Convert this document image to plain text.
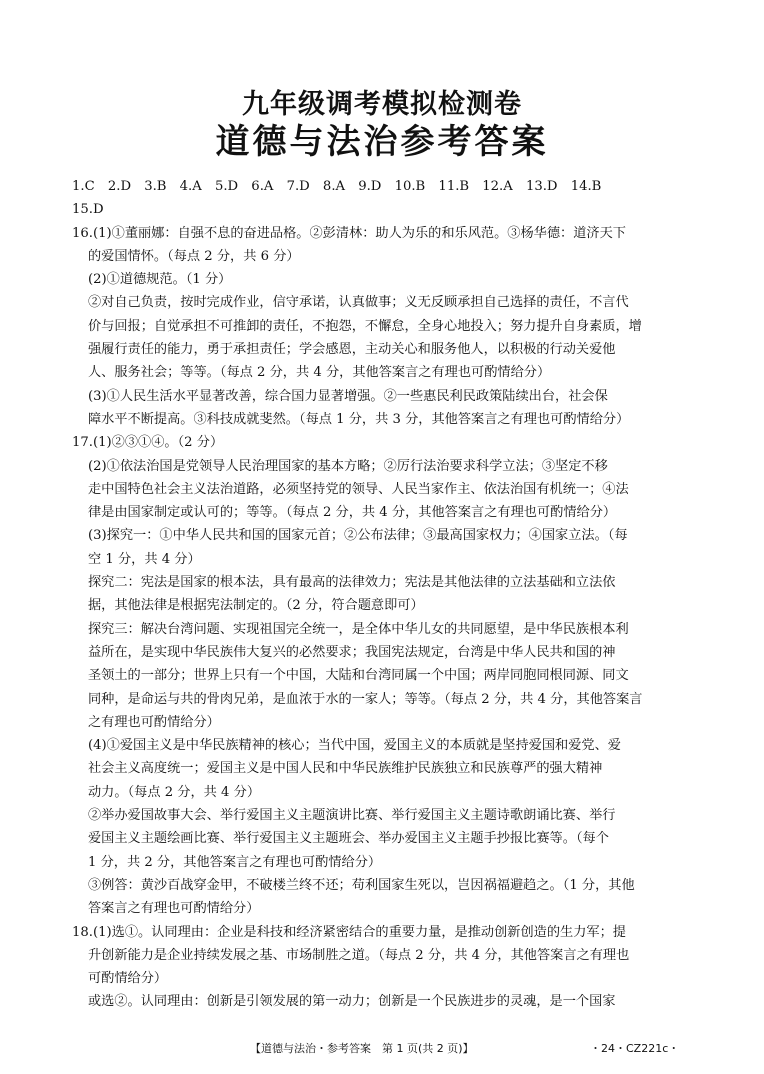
九年级调考模拟检测卷
道德与法治参考答案
1.C　2.D　3.B　4.A　5.D　6.A　7.D　8.A　9.D　10.B　11.B　12.A　13.D　14.B
15.D
16.(1)①董丽娜：自强不息的奋进品格。②彭清林：助人为乐的和乐风范。③杨华德：道济天下
的爱国情怀。（每点 2 分，共 6 分）
(2)①道德规范。（1 分）
②对自己负责，按时完成作业，信守承诺，认真做事；义无反顾承担自己选择的责任，不言代
价与回报；自觉承担不可推卸的责任，不抱怨，不懈怠，全身心地投入；努力提升自身素质，增
强履行责任的能力，勇于承担责任；学会感恩，主动关心和服务他人，以积极的行动关爱他
人、服务社会；等等。（每点 2 分，共 4 分，其他答案言之有理也可酌情给分）
(3)①人民生活水平显著改善，综合国力显著增强。②一些惠民利民政策陆续出台，社会保
障水平不断提高。③科技成就斐然。（每点 1 分，共 3 分，其他答案言之有理也可酌情给分）
17.(1)②③①④。（2 分）
(2)①依法治国是党领导人民治理国家的基本方略；②厉行法治要求科学立法；③坚定不移
走中国特色社会主义法治道路，必须坚持党的领导、人民当家作主、依法治国有机统一；④法
律是由国家制定或认可的；等等。（每点 2 分，共 4 分，其他答案言之有理也可酌情给分）
(3)探究一：①中华人民共和国的国家元首；②公布法律；③最高国家权力；④国家立法。（每
空 1 分，共 4 分）
探究二：宪法是国家的根本法，具有最高的法律效力；宪法是其他法律的立法基础和立法依
据，其他法律是根据宪法制定的。（2 分，符合题意即可）
探究三：解决台湾问题、实现祖国完全统一，是全体中华儿女的共同愿望，是中华民族根本利
益所在，是实现中华民族伟大复兴的必然要求；我国宪法规定，台湾是中华人民共和国的神
圣领土的一部分；世界上只有一个中国，大陆和台湾同属一个中国；两岸同胞同根同源、同文
同种，是命运与共的骨肉兄弟，是血浓于水的一家人；等等。（每点 2 分，共 4 分，其他答案言
之有理也可酌情给分）
(4)①爱国主义是中华民族精神的核心；当代中国，爱国主义的本质就是坚持爱国和爱党、爱
社会主义高度统一；爱国主义是中国人民和中华民族维护民族独立和民族尊严的强大精神
动力。（每点 2 分，共 4 分）
②举办爱国故事大会、举行爱国主义主题演讲比赛、举行爱国主义主题诗歌朗诵比赛、举行
爱国主义主题绘画比赛、举行爱国主义主题班会、举办爱国主义主题手抄报比赛等。（每个
1 分，共 2 分，其他答案言之有理也可酌情给分）
③例答：黄沙百战穿金甲，不破楼兰终不还；苟利国家生死以，岂因祸福避趋之。（1 分，其他
答案言之有理也可酌情给分）
18.(1)选①。认同理由：企业是科技和经济紧密结合的重要力量，是推动创新创造的生力军；提
升创新能力是企业持续发展之基、市场制胜之道。（每点 2 分，共 4 分，其他答案言之有理也
可酌情给分）
或选②。认同理由：创新是引领发展的第一动力；创新是一个民族进步的灵魂，是一个国家
【道德与法治・参考答案　第 1 页(共 2 页)】	・24・CZ221c・
